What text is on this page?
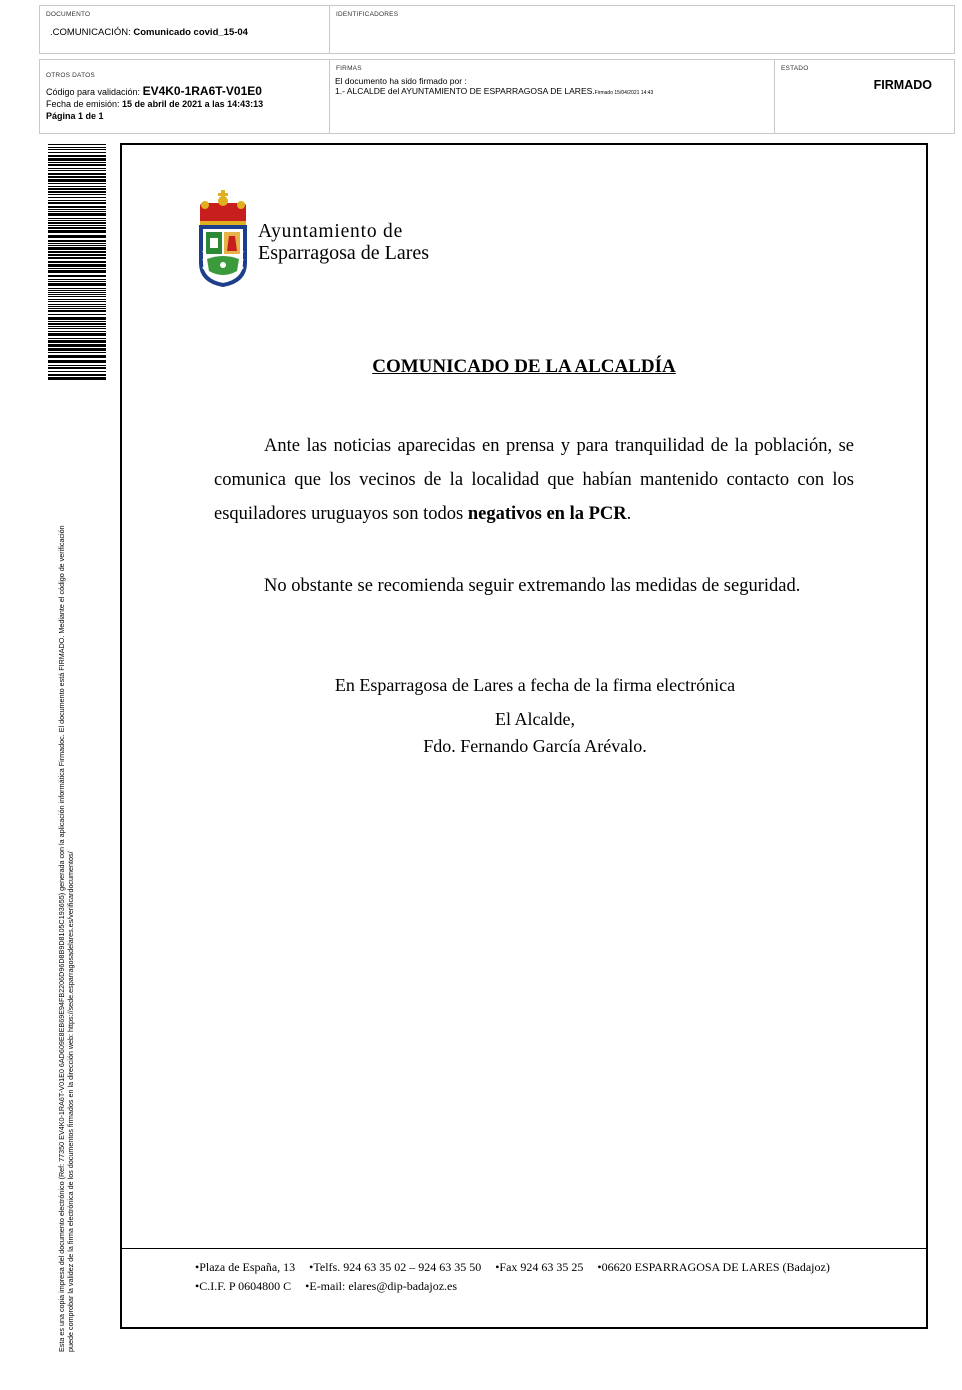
DOCUMENTO
.COMUNICACIÓN: Comunicado covid_15-04
IDENTIFICADORES
OTROS DATOS
Código para validación: EV4K0-1RA6T-V01E0
Fecha de emisión: 15 de abril de 2021 a las 14:43:13
Página 1 de 1
FIRMAS
El documento ha sido firmado por :
1.- ALCALDE del AYUNTAMIENTO DE ESPARRAGOSA DE LARES.Firmado 15/04/2021 14:43
ESTADO
FIRMADO
Esta es una copia impresa del documento electrónico (Ref: 77350 EV4K0-1RA6T-V01E0 6AD609E8EB69E94FB2206D96D8B9D8105C193655) generada con la aplicación informática Firmadoc. El documento está FIRMADO. Mediante el código de verificación puede comprobar la validez de la firma electrónica de los documentos firmados en la dirección web: https://sede.esparragosadelares.es/verificardocumentos/
Ayuntamiento de
Esparragosa de Lares
COMUNICADO DE LA ALCALDÍA
Ante las noticias aparecidas en prensa y para tranquilidad de la población, se comunica que los vecinos de la localidad que habían mantenido contacto con los esquiladores uruguayos son todos negativos en la PCR.
No obstante se recomienda seguir extremando las medidas de seguridad.
En Esparragosa de Lares a fecha de la firma electrónica
El Alcalde,
Fdo. Fernando García Arévalo.
•Plaza de España, 13 •Telfs. 924 63 35 02 – 924 63 35 50 •Fax 924 63 35 25 •06620 ESPARRAGOSA DE LARES (Badajoz)
•C.I.F. P 0604800 C •E-mail: elares@dip-badajoz.es
